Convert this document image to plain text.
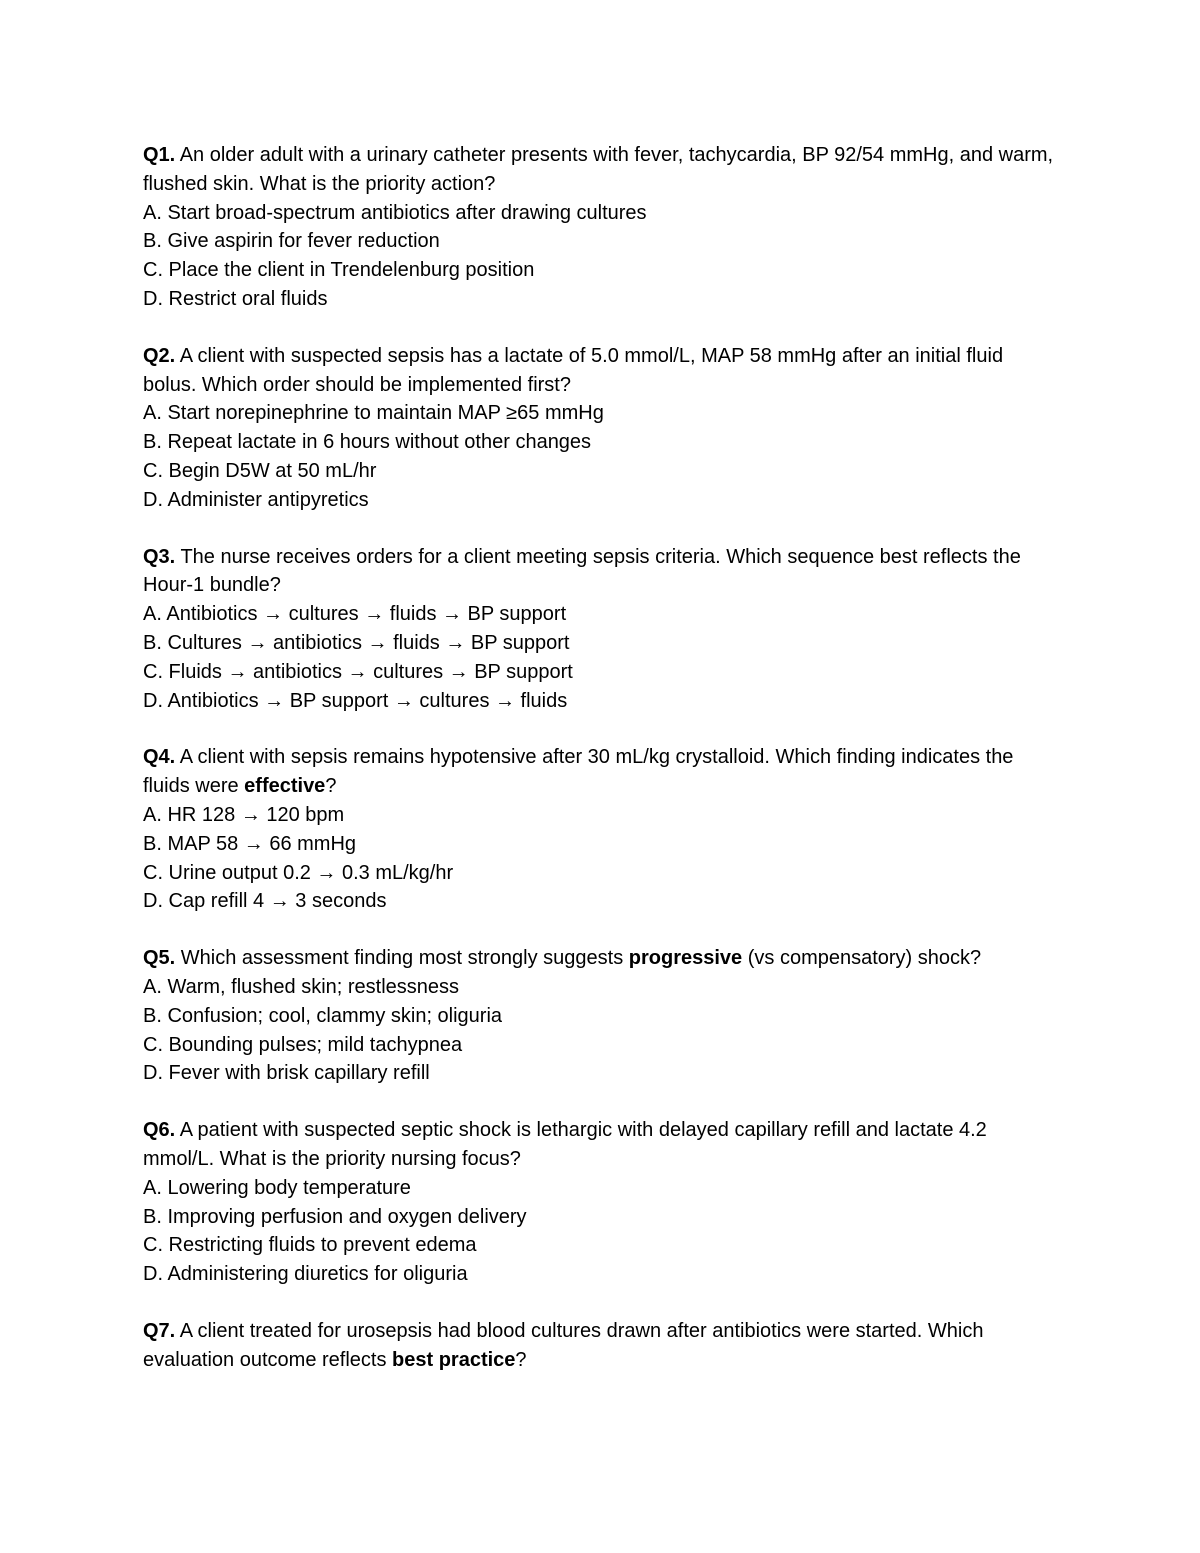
Q1. An older adult with a urinary catheter presents with fever, tachycardia, BP 92/54 mmHg, and warm, flushed skin. What is the priority action?

A. Start broad-spectrum antibiotics after drawing cultures

B. Give aspirin for fever reduction

C. Place the client in Trendelenburg position

D. Restrict oral fluids

Q2. A client with suspected sepsis has a lactate of 5.0 mmol/L, MAP 58 mmHg after an initial fluid bolus. Which order should be implemented first?

A. Start norepinephrine to maintain MAP ≥65 mmHg

B. Repeat lactate in 6 hours without other changes

C. Begin D5W at 50 mL/hr

D. Administer antipyretics

Q3. The nurse receives orders for a client meeting sepsis criteria. Which sequence best reflects the Hour-1 bundle?

A. Antibiotics → cultures → fluids → BP support

B. Cultures → antibiotics → fluids → BP support

C. Fluids → antibiotics → cultures → BP support

D. Antibiotics → BP support → cultures → fluids

Q4. A client with sepsis remains hypotensive after 30 mL/kg crystalloid. Which finding indicates the fluids were effective?

A. HR 128 → 120 bpm

B. MAP 58 → 66 mmHg

C. Urine output 0.2 → 0.3 mL/kg/hr

D. Cap refill 4 → 3 seconds

Q5. Which assessment finding most strongly suggests progressive (vs compensatory) shock?

A. Warm, flushed skin; restlessness

B. Confusion; cool, clammy skin; oliguria

C. Bounding pulses; mild tachypnea

D. Fever with brisk capillary refill

Q6. A patient with suspected septic shock is lethargic with delayed capillary refill and lactate 4.2 mmol/L. What is the priority nursing focus?

A. Lowering body temperature

B. Improving perfusion and oxygen delivery

C. Restricting fluids to prevent edema

D. Administering diuretics for oliguria

Q7. A client treated for urosepsis had blood cultures drawn after antibiotics were started. Which evaluation outcome reflects best practice?
